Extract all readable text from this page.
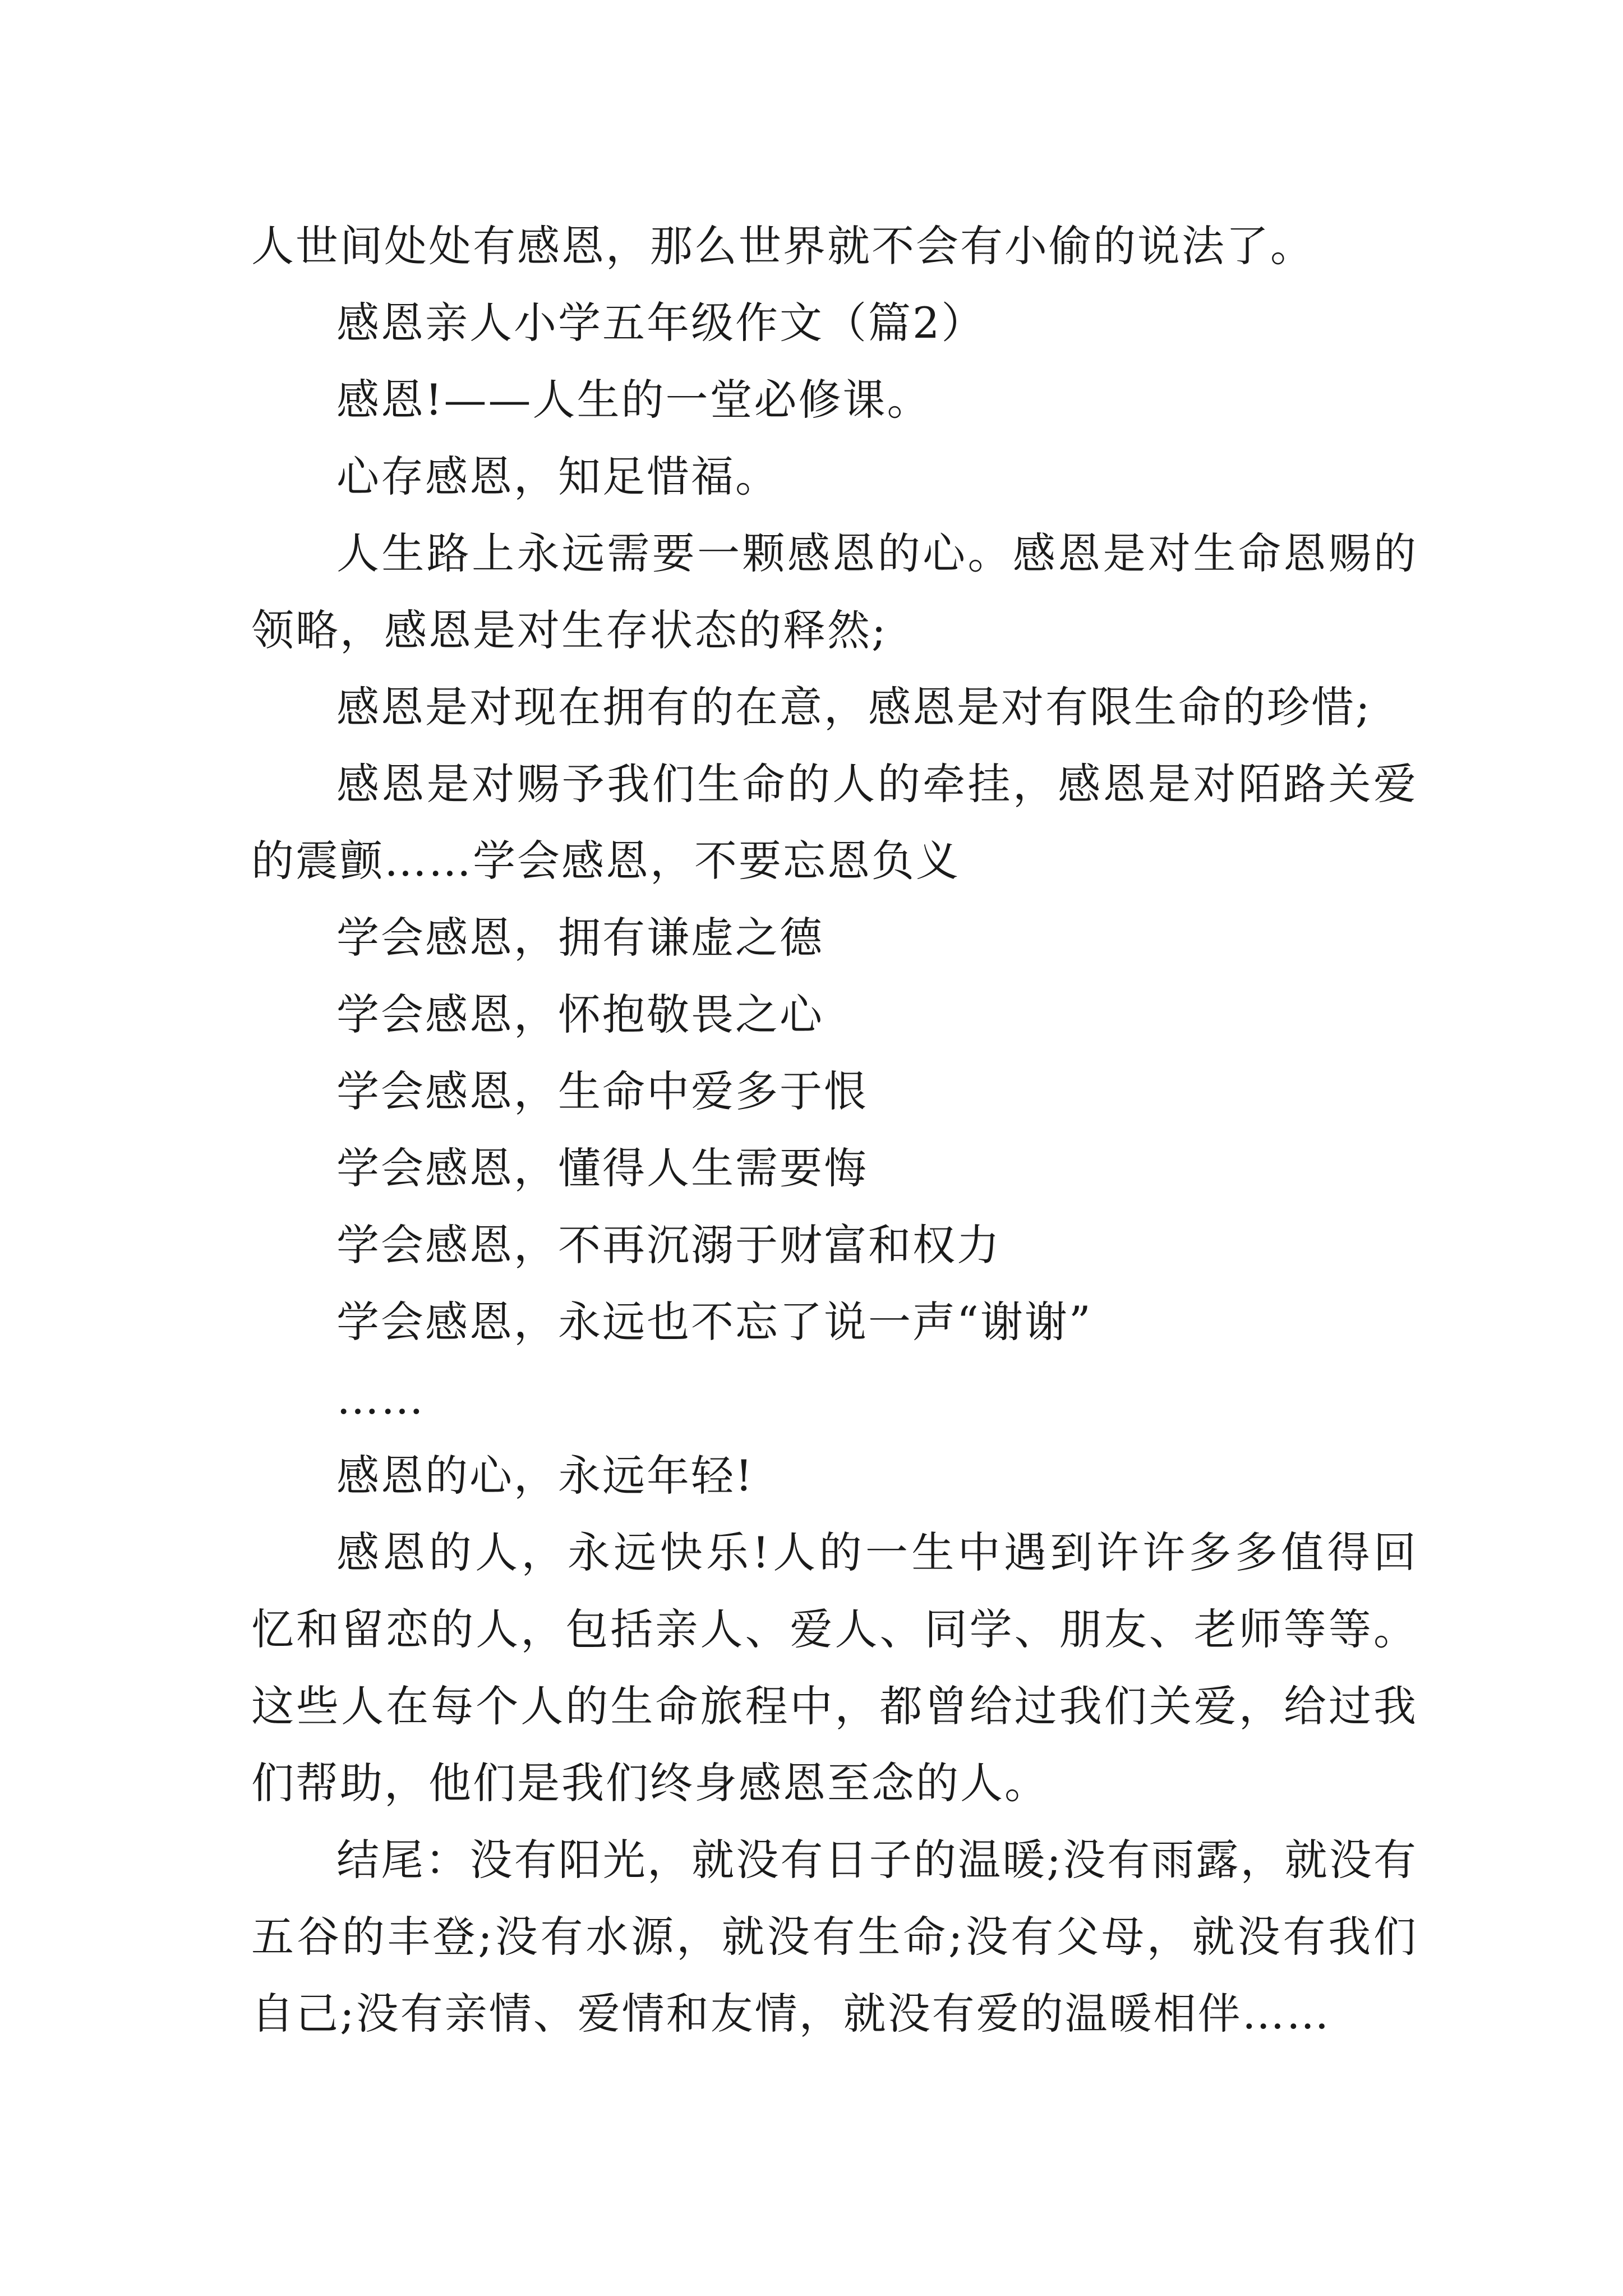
人世间处处有感恩，那么世界就不会有小偷的说法了。

感恩亲人小学五年级作文（篇2）

感恩!——人生的一堂必修课。

心存感恩，知足惜福。

人生路上永远需要一颗感恩的心。感恩是对生命恩赐的领略，感恩是对生存状态的释然;

感恩是对现在拥有的在意，感恩是对有限生命的珍惜;

感恩是对赐予我们生命的人的牵挂，感恩是对陌路关爱的震颤……学会感恩，不要忘恩负义

学会感恩，拥有谦虚之德

学会感恩，怀抱敬畏之心

学会感恩，生命中爱多于恨

学会感恩，懂得人生需要悔

学会感恩，不再沉溺于财富和权力

学会感恩，永远也不忘了说一声“谢谢”

……

感恩的心，永远年轻!

感恩的人，永远快乐!人的一生中遇到许许多多值得回忆和留恋的人，包括亲人、爱人、同学、朋友、老师等等。这些人在每个人的生命旅程中，都曾给过我们关爱，给过我们帮助，他们是我们终身感恩至念的人。

结尾：没有阳光，就没有日子的温暖;没有雨露，就没有五谷的丰登;没有水源，就没有生命;没有父母，就没有我们自己;没有亲情、爱情和友情，就没有爱的温暖相伴……
